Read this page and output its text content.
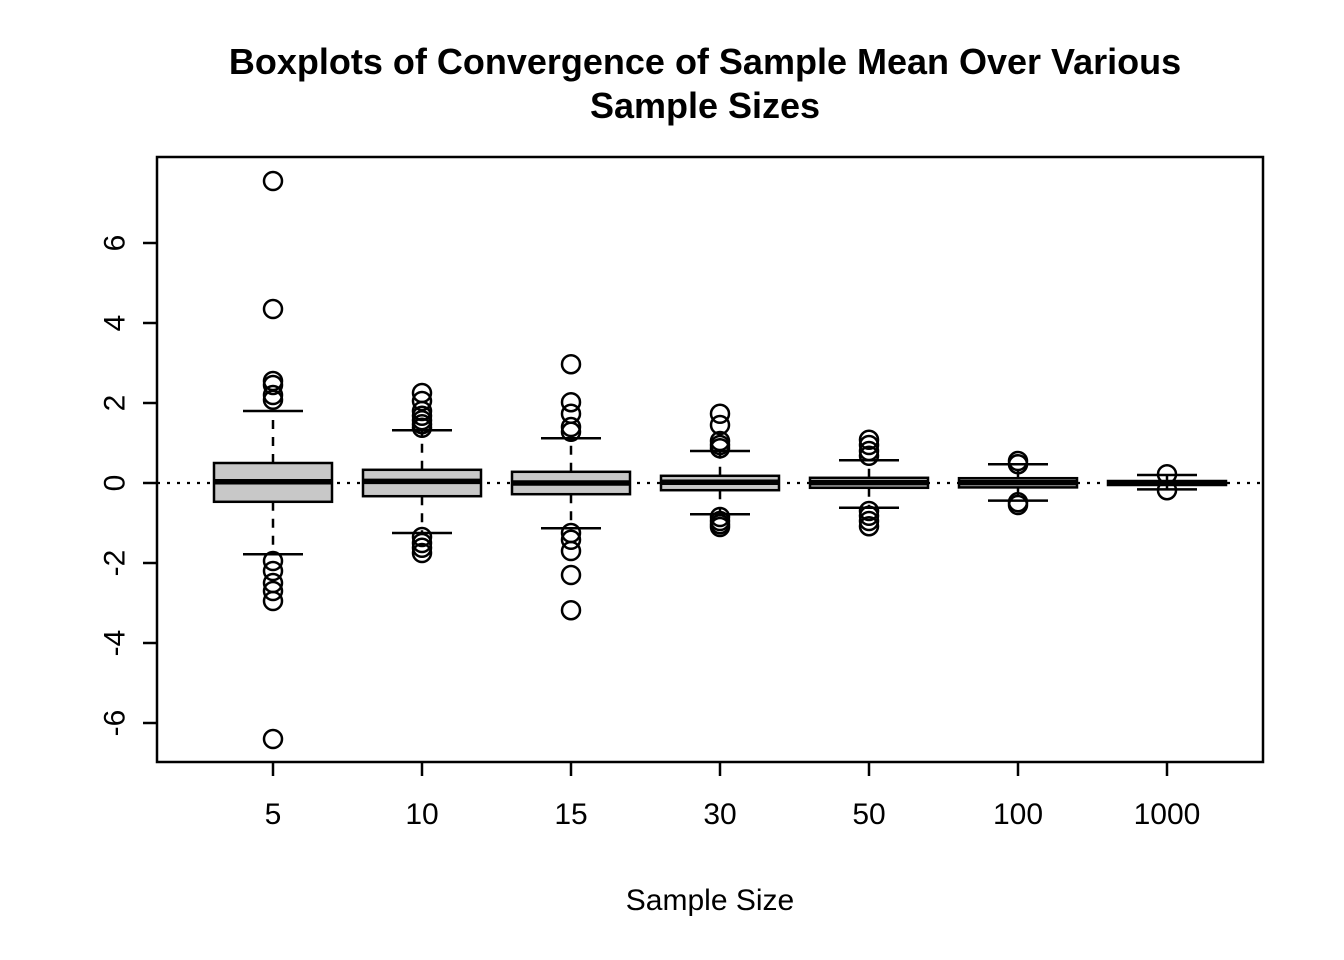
6
4
2
0
-2
-4
-6
5	10	15	30	50	100	1000
Boxplots of Convergence of Sample Mean Over Various
Sample Sizes
Sample Size
